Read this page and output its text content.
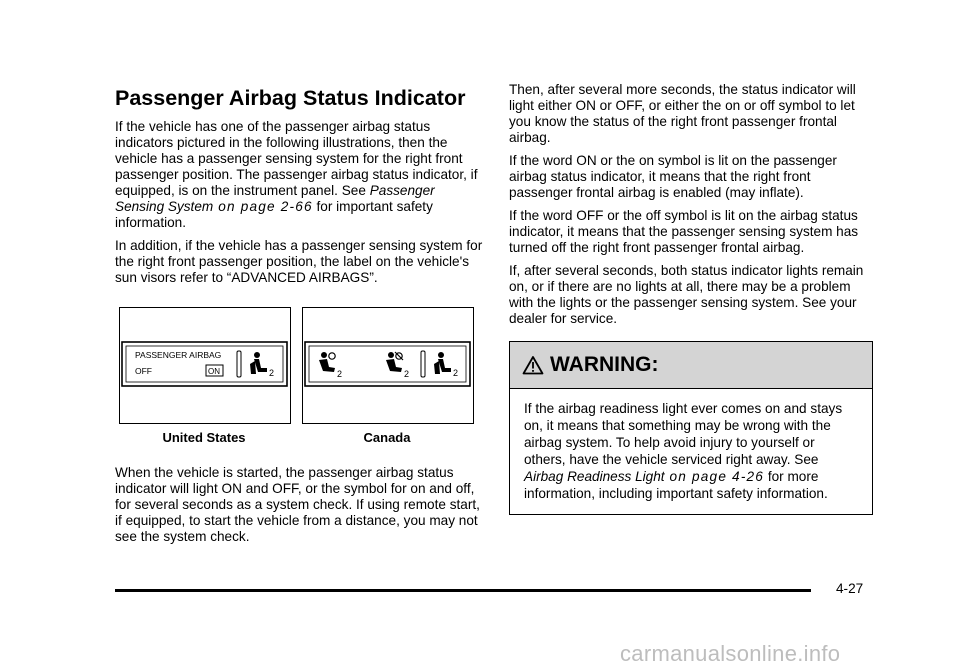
Passenger Airbag Status Indicator

If the vehicle has one of the passenger airbag status indicators pictured in the following illustrations, then the vehicle has a passenger sensing system for the right front passenger position. The passenger airbag status indicator, if equipped, is on the instrument panel. See Passenger Sensing System on page 2-66 for important safety information.

In addition, if the vehicle has a passenger sensing system for the right front passenger position, the label on the vehicle's sun visors refer to “ADVANCED AIRBAGS”.

PASSENGER AIRBAG
OFF	ON	2	2	2	2
United States	Canada

When the vehicle is started, the passenger airbag status indicator will light ON and OFF, or the symbol for on and off, for several seconds as a system check. If using remote start, if equipped, to start the vehicle from a distance, you may not see the system check.

Then, after several more seconds, the status indicator will light either ON or OFF, or either the on or off symbol to let you know the status of the right front passenger frontal airbag.

If the word ON or the on symbol is lit on the passenger airbag status indicator, it means that the right front passenger frontal airbag is enabled (may inflate).

If the word OFF or the off symbol is lit on the airbag status indicator, it means that the passenger sensing system has turned off the right front passenger frontal airbag.

If, after several seconds, both status indicator lights remain on, or if there are no lights at all, there may be a problem with the lights or the passenger sensing system. See your dealer for service.

WARNING:
If the airbag readiness light ever comes on and stays on, it means that something may be wrong with the airbag system. To help avoid injury to yourself or others, have the vehicle serviced right away. See Airbag Readiness Light on page 4-26 for more information, including important safety information.
4-27
carmanualsonline.info
